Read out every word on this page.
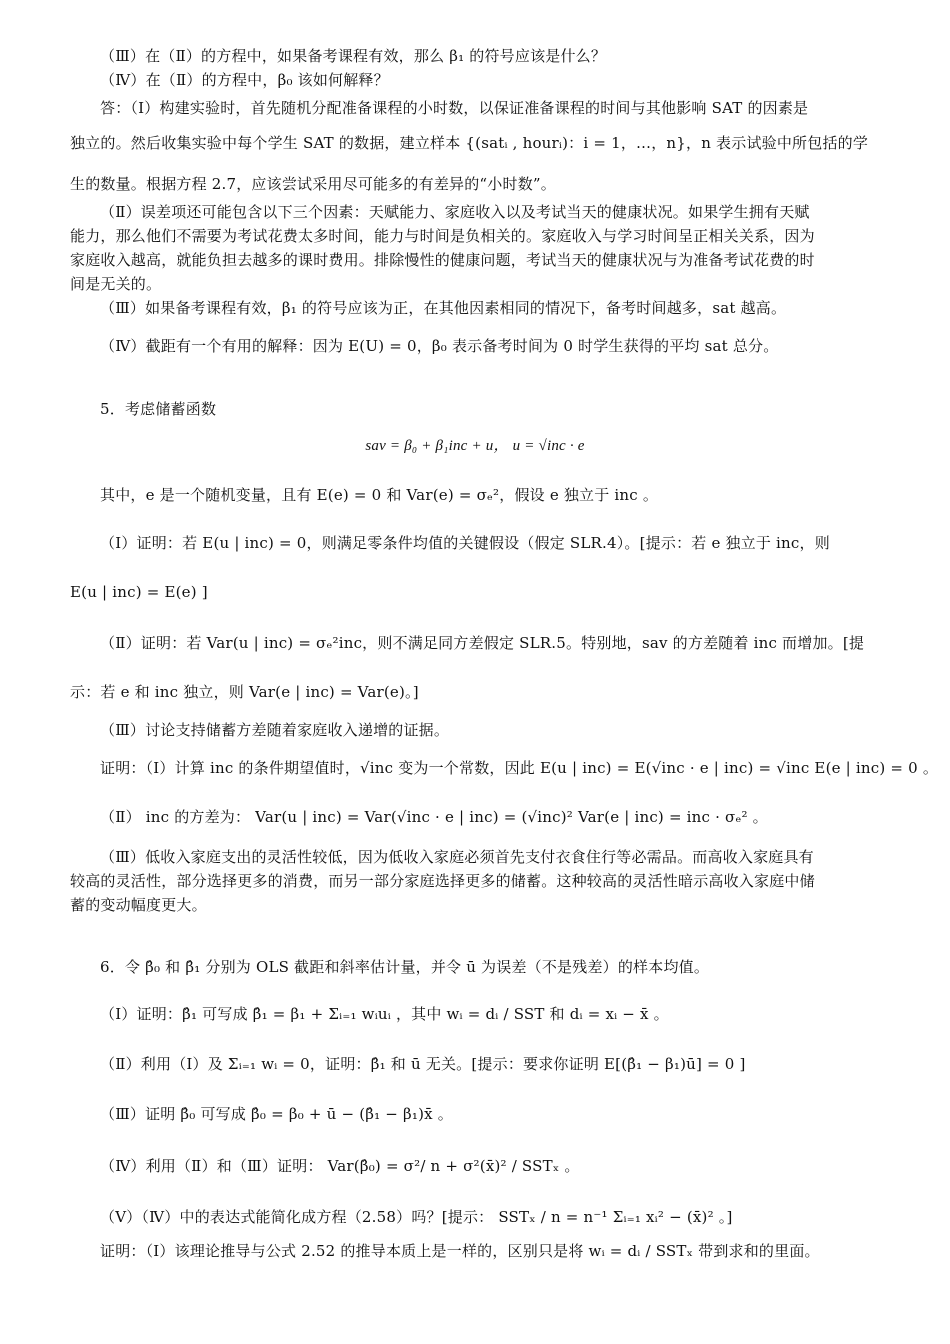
（Ⅲ）在（Ⅱ）的方程中，如果备考课程有效，那么 β₁ 的符号应该是什么？
（Ⅳ）在（Ⅱ）的方程中，β₀ 该如何解释？
答：（Ⅰ）构建实验时，首先随机分配准备课程的小时数，以保证准备课程的时间与其他影响 SAT 的因素是
独立的。然后收集实验中每个学生 SAT 的数据，建立样本 {(satᵢ , hourᵢ)：i = 1，…，n}，n 表示试验中所包括的学
生的数量。根据方程 2.7，应该尝试采用尽可能多的有差异的“小时数”。
（Ⅱ）误差项还可能包含以下三个因素：天赋能力、家庭收入以及考试当天的健康状况。如果学生拥有天赋
能力，那么他们不需要为考试花费太多时间，能力与时间是负相关的。家庭收入与学习时间呈正相关关系，因为
家庭收入越高，就能负担去越多的课时费用。排除慢性的健康问题，考试当天的健康状况与为准备考试花费的时
间是无关的。
（Ⅲ）如果备考课程有效，β₁ 的符号应该为正，在其他因素相同的情况下，备考时间越多，sat 越高。
（Ⅳ）截距有一个有用的解释：因为 E(U) = 0，β₀ 表示备考时间为 0 时学生获得的平均 sat 总分。
5．考虑储蓄函数
sav = β₀ + β₁inc + u， u = √inc · e
其中，e 是一个随机变量，且有 E(e) = 0 和 Var(e) = σₑ²，假设 e 独立于 inc 。
（Ⅰ）证明：若 E(u | inc) = 0，则满足零条件均值的关键假设（假定 SLR.4）。[提示：若 e 独立于 inc，则
E(u | inc) = E(e) ]
（Ⅱ）证明：若 Var(u | inc) = σₑ²inc，则不满足同方差假定 SLR.5。特别地，sav 的方差随着 inc 而增加。[提
示：若 e 和 inc 独立，则 Var(e | inc) = Var(e)。]
（Ⅲ）讨论支持储蓄方差随着家庭收入递增的证据。
证明：（Ⅰ）计算 inc 的条件期望值时，√inc 变为一个常数，因此 E(u | inc) = E(√inc · e | inc) = √inc E(e | inc) = 0 。
（Ⅱ） inc 的方差为： Var(u | inc) = Var(√inc · e | inc) = (√inc)² Var(e | inc) = inc · σₑ² 。
（Ⅲ）低收入家庭支出的灵活性较低，因为低收入家庭必须首先支付衣食住行等必需品。而高收入家庭具有
较高的灵活性，部分选择更多的消费，而另一部分家庭选择更多的储蓄。这种较高的灵活性暗示高收入家庭中储
蓄的变动幅度更大。
6．令 β̂₀ 和 β̂₁ 分别为 OLS 截距和斜率估计量，并令 ū 为误差（不是残差）的样本均值。
（Ⅰ）证明：β̂₁ 可写成 β̂₁ = β₁ + Σᵢ₌₁ wᵢuᵢ ，其中 wᵢ = dᵢ / SST 和 dᵢ = xᵢ − x̄ 。
（Ⅱ）利用（Ⅰ）及 Σᵢ₌₁ wᵢ = 0，证明：β̂₁ 和 ū 无关。[提示：要求你证明 E[(β̂₁ − β₁)ū] = 0 ]
（Ⅲ）证明 β̂₀ 可写成 β̂₀ = β₀ + ū − (β̂₁ − β₁)x̄ 。
（Ⅳ）利用（Ⅱ）和（Ⅲ）证明： Var(β̂₀) = σ²/ n + σ²(x̄)² / SSTₓ 。
（Ⅴ）（Ⅳ）中的表达式能简化成方程（2.58）吗？[提示： SSTₓ / n = n⁻¹ Σᵢ₌₁ xᵢ² − (x̄)² 。]
证明：（Ⅰ）该理论推导与公式 2.52 的推导本质上是一样的，区别只是将 wᵢ = dᵢ / SSTₓ 带到求和的里面。
